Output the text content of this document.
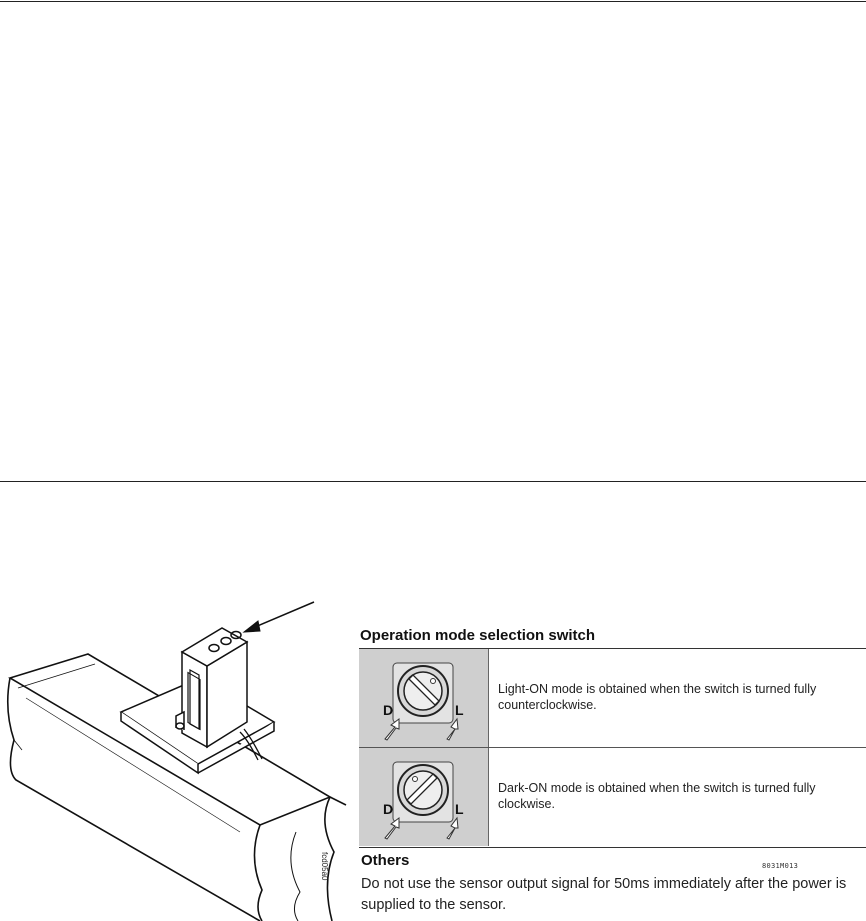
fcd05a0
Operation mode selection switch
D	L
Light-ON mode is obtained when the switch is turned fully counterclockwise.
D	L
Dark-ON mode is obtained when the switch is turned fully clockwise.
Others	8031M013
Do not use the sensor output signal for 50ms immediately after the power is supplied to the sensor.
